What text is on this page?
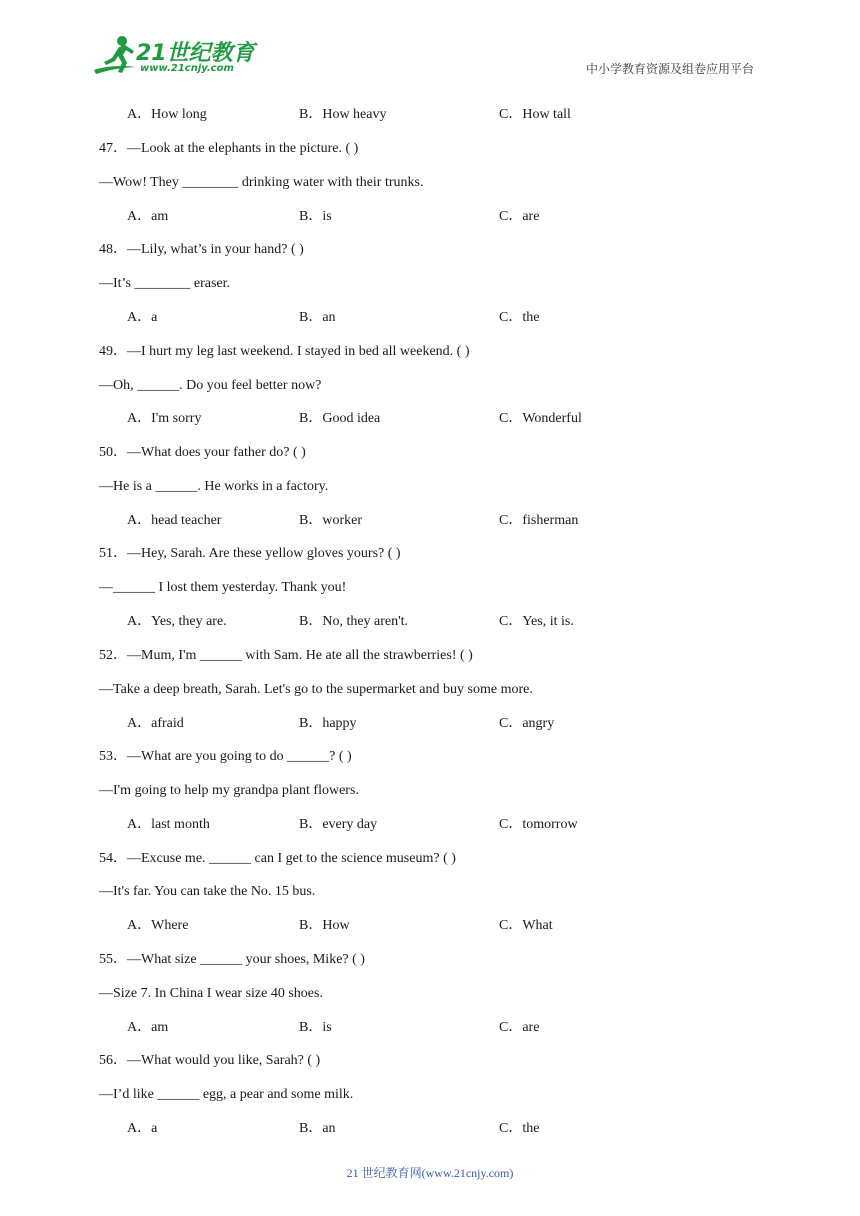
21世纪教育
www.21cnjy.com	中小学教育资源及组卷应用平台
A．How long	B．How heavy	C．How tall
47．—Look at the elephants in the picture. ( )
—Wow! They ________ drinking water with their trunks.
A．am	B．is	C．are
48．—Lily, what’s in your hand? ( )
—It’s ________ eraser.
A．a	B．an	C．the
49．—I hurt my leg last weekend. I stayed in bed all weekend. ( )
—Oh, ______. Do you feel better now?
A．I'm sorry	B．Good idea	C．Wonderful
50．—What does your father do? ( )
—He is a ______. He works in a factory.
A．head teacher	B．worker	C．fisherman
51．—Hey, Sarah. Are these yellow gloves yours? ( )
—______ I lost them yesterday. Thank you!
A．Yes, they are.	B．No, they aren't.	C．Yes, it is.
52．—Mum, I'm ______ with Sam. He ate all the strawberries! ( )
—Take a deep breath, Sarah. Let's go to the supermarket and buy some more.
A．afraid	B．happy	C．angry
53．—What are you going to do ______? ( )
—I'm going to help my grandpa plant flowers.
A．last month	B．every day	C．tomorrow
54．—Excuse me. ______ can I get to the science museum? ( )
—It's far. You can take the No. 15 bus.
A．Where	B．How	C．What
55．—What size ______ your shoes, Mike? ( )
—Size 7. In China I wear size 40 shoes.
A．am	B．is	C．are
56．—What would you like, Sarah? ( )
—I’d like ______ egg, a pear and some milk.
A．a	B．an	C．the
21 世纪教育网(www.21cnjy.com)
